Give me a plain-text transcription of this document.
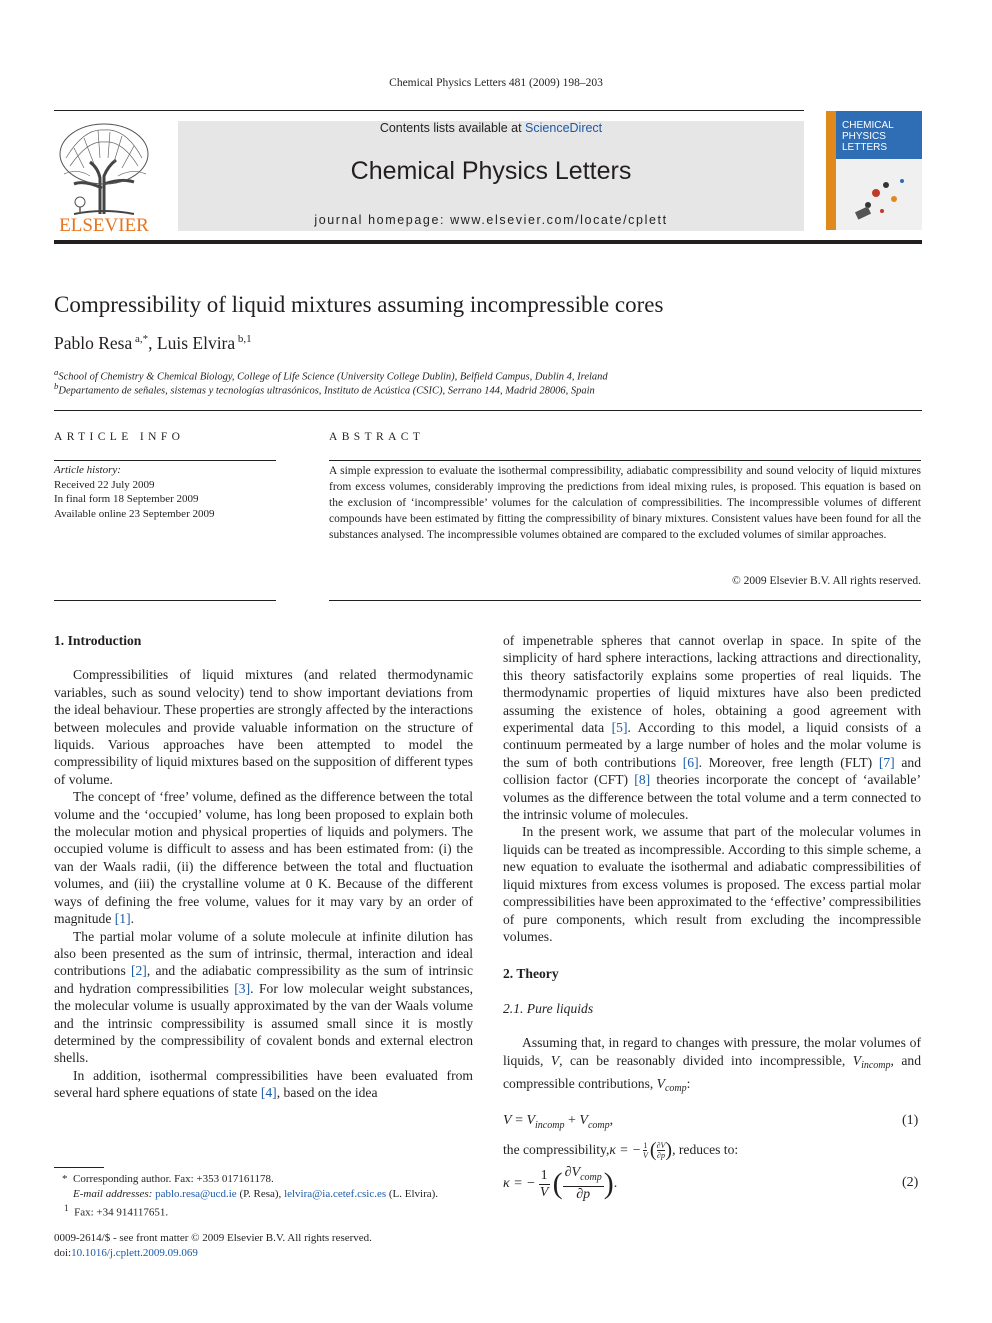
Chemical Physics Letters 481 (2009) 198–203
ELSEVIER
Contents lists available at ScienceDirect
Chemical Physics Letters
journal homepage: www.elsevier.com/locate/cplett
CHEMICAL
PHYSICS
LETTERS
Compressibility of liquid mixtures assuming incompressible cores
Pablo Resa $^{a,*}$, Luis Elvira $^{b,1}$
$^a$School of Chemistry & Chemical Biology, College of Life Science (University College Dublin), Belfield Campus, Dublin 4, Ireland
$^b$Departamento de señales, sistemas y tecnologías ultrasónicos, Instituto de Acústica (CSIC), Serrano 144, Madrid 28006, Spain
ARTICLE INFO
Article history:
Received 22 July 2009
In final form 18 September 2009
Available online 23 September 2009
ABSTRACT
A simple expression to evaluate the isothermal compressibility, adiabatic compressibility and sound velocity of liquid mixtures from excess volumes, considerably improving the predictions from ideal mixing rules, is proposed. This equation is based on the exclusion of ‘incompressible’ volumes for the calculation of compressibilities. The incompressible volumes of different compounds have been estimated by fitting the compressibility of binary mixtures. Consistent values have been found for all the substances analysed. The incompressible volumes obtained are compared to the excluded volumes of similar approaches.
© 2009 Elsevier B.V. All rights reserved.
1. Introduction

Compressibilities of liquid mixtures (and related thermodynamic variables, such as sound velocity) tend to show important deviations from the ideal behaviour. These properties are strongly affected by the interactions between molecules and provide valuable information on the structure of liquids. Various approaches have been attempted to model the compressibility of liquid mixtures based on the supposition of different types of volume.

The concept of ‘free’ volume, defined as the difference between the total volume and the ‘occupied’ volume, has long been proposed to explain both the molecular motion and physical properties of liquids and polymers. The occupied volume is difficult to assess and has been estimated from: (i) the van der Waals radii, (ii) the difference between the total and fluctuation volumes, and (iii) the crystalline volume at 0 K. Because of the different ways of defining the free volume, values for it may vary by an order of magnitude [1].

The partial molar volume of a solute molecule at infinite dilution has also been presented as the sum of intrinsic, thermal, interaction and ideal contributions [2], and the adiabatic compressibility as the sum of intrinsic and hydration compressibilities [3]. For low molecular weight substances, the molecular volume is usually approximated by the van der Waals volume and the intrinsic compressibility is assumed small since it is mostly determined by the compressibility of covalent bonds and external electron shells.

In addition, isothermal compressibilities have been evaluated from several hard sphere equations of state [4], based on the idea

of impenetrable spheres that cannot overlap in space. In spite of the simplicity of hard sphere interactions, lacking attractions and directionality, this theory satisfactorily explains some properties of real liquids. The thermodynamic properties of liquid mixtures have also been predicted assuming the existence of holes, obtaining a good agreement with experimental data [5]. According to this model, a liquid consists of a continuum permeated by a large number of holes and the molar volume is the sum of both contributions [6]. Moreover, free length (FLT) [7] and collision factor (CFT) [8] theories incorporate the concept of ‘available’ volumes as the difference between the total volume and a term connected to the intrinsic volume of molecules.

In the present work, we assume that part of the molecular volumes in liquids can be treated as incompressible. According to this simple scheme, a new equation to evaluate the isothermal and adiabatic compressibilities of liquid mixtures from excess volumes is proposed. The excess partial molar compressibilities have been approximated to the ‘effective’ compressibilities of pure components, which result from excluding the incompressible volumes.

2. Theory
2.1. Pure liquids

Assuming that, in regard to changes with pressure, the molar volumes of liquids, V, can be reasonably divided into incompressible, $V_{incomp}$, and compressible contributions, $V_{comp}$:

$V = V_{incomp} + V_{comp}$,	(1)
the compressibility, κ = − $\frac{1}{V}$ ( ∂V
∂p ) , reduces to:
κ = − $\frac{1}{V}$ ( $\partial V_{comp}$
∂p ) .	(2)
* Corresponding author. Fax: +353 017161178.
E-mail addresses: pablo.resa@ucd.ie (P. Resa), lelvira@ia.cetef.csic.es (L. Elvira).
$^1$ Fax: +34 914117651.
0009-2614/$ - see front matter © 2009 Elsevier B.V. All rights reserved.
doi:10.1016/j.cplett.2009.09.069
